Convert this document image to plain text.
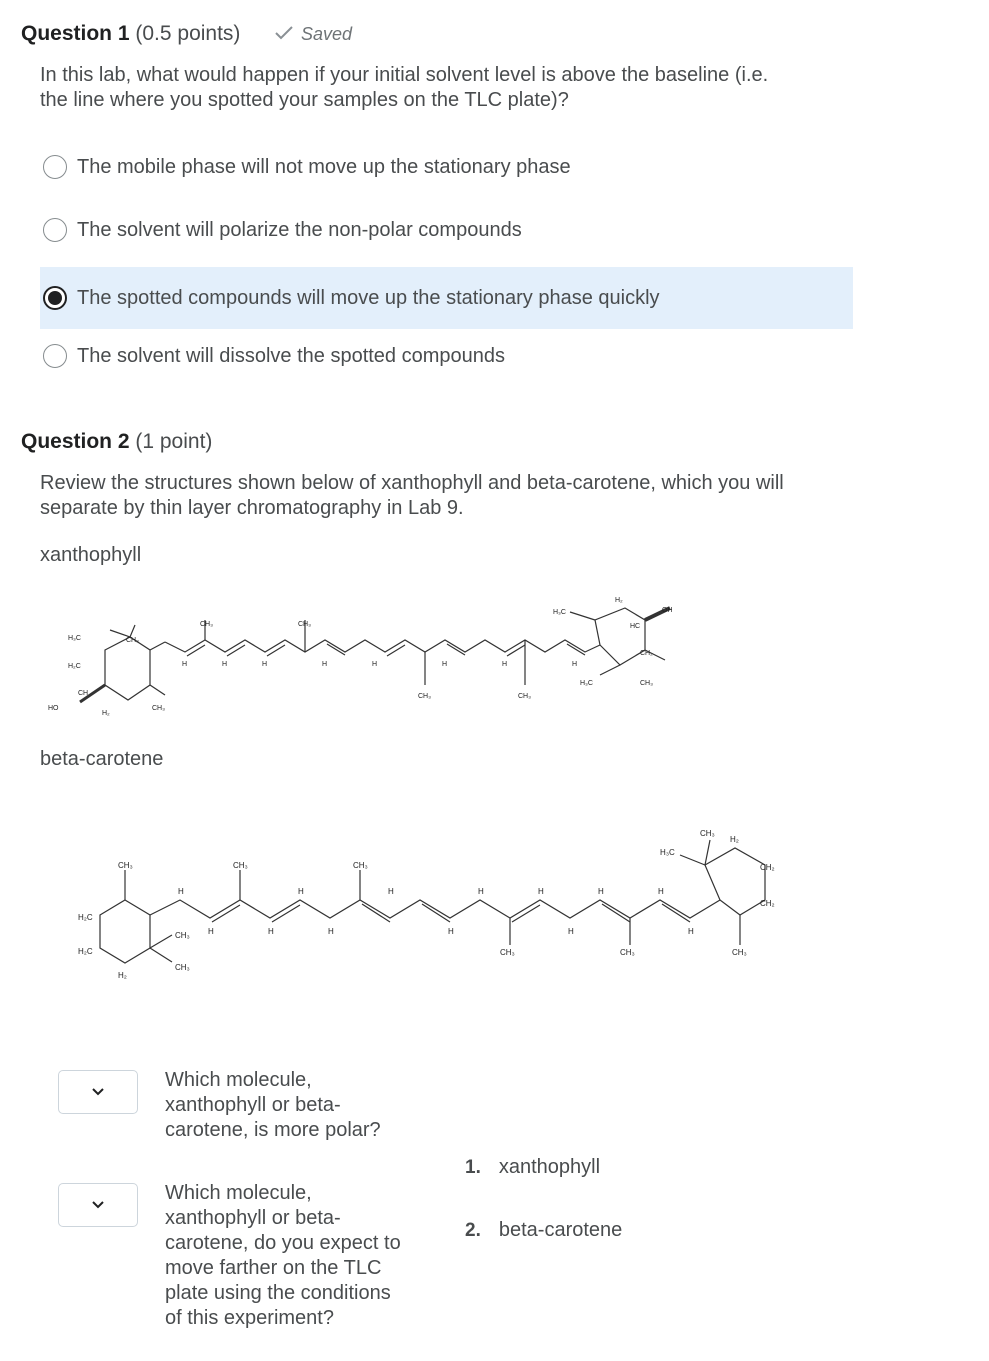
Question 1 (0.5 points)	Saved
In this lab, what would happen if your initial solvent level is above the baseline (i.e.
the line where you spotted your samples on the TLC plate)?
The mobile phase will not move up the stationary phase
The solvent will polarize the non-polar compounds
The spotted compounds will move up the stationary phase quickly
The solvent will dissolve the spotted compounds
Question 2 (1 point)
Review the structures shown below of xanthophyll and beta-carotene, which you will
separate by thin layer chromatography in Lab 9.
xanthophyll
H₃C	CH₃
H₂C
CH
HO
H₂
CH₃
CH₃	CH₃
CH₃	CH₃
H₃C
H₂
HC
OH
CH₂
H₃C	CH₃
H	H	H	H	H	H	H	H
beta-carotene
CH₃
H₂C
H₂C
H₂
CH₃
CH₃
CH₃	CH₃
CH₃	CH₃	CH₃
H₃C
CH₃
H₂
CH₂
CH₂
H	H	H	H	H	H	H
H	H	H	H	H	H
Which molecule,
xanthophyll or beta-
carotene, is more polar?
Which molecule,
xanthophyll or beta-
carotene, do you expect to
move farther on the TLC
plate using the conditions
of this experiment?
1. xanthophyll
2. beta-carotene
